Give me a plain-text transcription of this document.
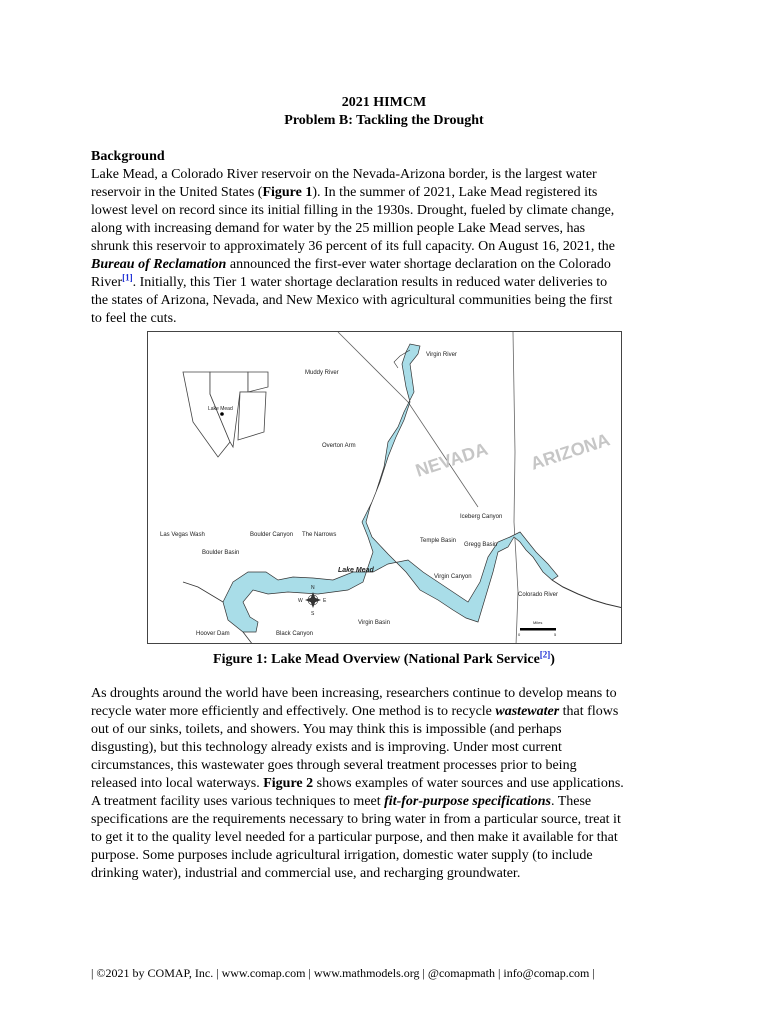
2021 HIMCM
Problem B: Tackling the Drought
Background
Lake Mead, a Colorado River reservoir on the Nevada-Arizona border, is the largest water
reservoir in the United States (Figure 1). In the summer of 2021, Lake Mead registered its
lowest level on record since its initial filling in the 1930s. Drought, fueled by climate change,
along with increasing demand for water by the 25 million people Lake Mead serves, has
shrunk this reservoir to approximately 36 percent of its full capacity. On August 16, 2021, the
Bureau of Reclamation announced the first-ever water shortage declaration on the Colorado
River[1]. Initially, this Tier 1 water shortage declaration results in reduced water deliveries to
the states of Arizona, Nevada, and New Mexico with agricultural communities being the first
to feel the cuts.
Lake Mead
NEVADA ARIZONA
Virgin River
Muddy River
Overton Arm
Las Vegas Wash	Boulder Canyon The Narrows
Boulder Basin
Lake Mead
Temple Basin
Gregg Basin
Iceberg Canyon
Virgin Canyon
Colorado River
Virgin Basin
Hoover Dam	Black Canyon
N
S
E
W
Miles
0	5
Figure 1: Lake Mead Overview (National Park Service[2])
As droughts around the world have been increasing, researchers continue to develop means to
recycle water more efficiently and effectively. One method is to recycle wastewater that flows
out of our sinks, toilets, and showers. You may think this is impossible (and perhaps
disgusting), but this technology already exists and is improving. Under most current
circumstances, this wastewater goes through several treatment processes prior to being
released into local waterways. Figure 2 shows examples of water sources and use applications.
A treatment facility uses various techniques to meet fit-for-purpose specifications. These
specifications are the requirements necessary to bring water in from a particular source, treat it
to get it to the quality level needed for a particular purpose, and then make it available for that
purpose. Some purposes include agricultural irrigation, domestic water supply (to include
drinking water), industrial and commercial use, and recharging groundwater.
| ©2021 by COMAP, Inc. | www.comap.com | www.mathmodels.org | @comapmath | info@comap.com |
